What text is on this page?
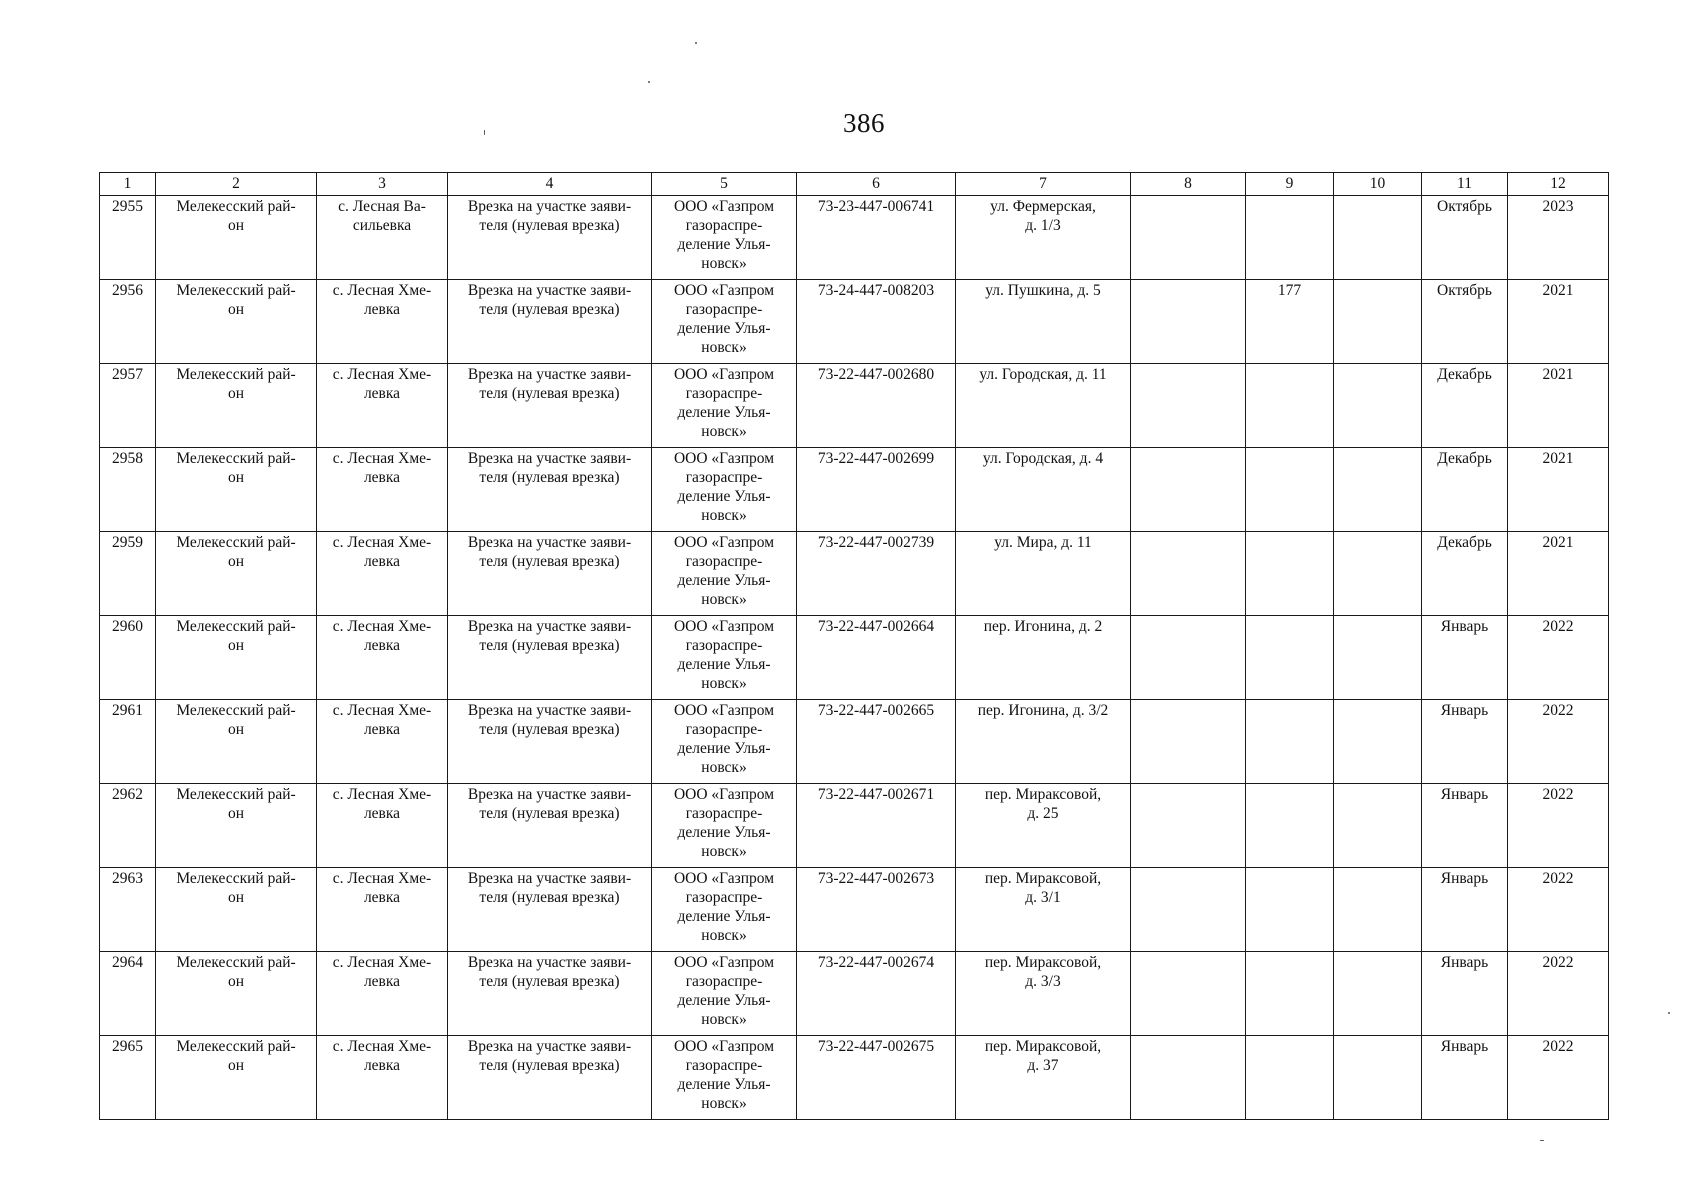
386
1	2	3	4	5	6	7	8	9	10	11	12
2955	Мелекесский рай-
он	с. Лесная Ва-
сильевка	Врезка на участке заяви-
теля (нулевая врезка)	ООО «Газпром
газораспре-
деление Улья-
новск»	73-23-447-006741	ул. Фермерская,
д. 1/3				Октябрь	2023
2956	Мелекесский рай-
он	с. Лесная Хме-
левка	Врезка на участке заяви-
теля (нулевая врезка)	ООО «Газпром
газораспре-
деление Улья-
новск»	73-24-447-008203	ул. Пушкина, д. 5		177		Октябрь	2021
2957	Мелекесский рай-
он	с. Лесная Хме-
левка	Врезка на участке заяви-
теля (нулевая врезка)	ООО «Газпром
газораспре-
деление Улья-
новск»	73-22-447-002680	ул. Городская, д. 11				Декабрь	2021
2958	Мелекесский рай-
он	с. Лесная Хме-
левка	Врезка на участке заяви-
теля (нулевая врезка)	ООО «Газпром
газораспре-
деление Улья-
новск»	73-22-447-002699	ул. Городская, д. 4				Декабрь	2021
2959	Мелекесский рай-
он	с. Лесная Хме-
левка	Врезка на участке заяви-
теля (нулевая врезка)	ООО «Газпром
газораспре-
деление Улья-
новск»	73-22-447-002739	ул. Мира, д. 11				Декабрь	2021
2960	Мелекесский рай-
он	с. Лесная Хме-
левка	Врезка на участке заяви-
теля (нулевая врезка)	ООО «Газпром
газораспре-
деление Улья-
новск»	73-22-447-002664	пер. Игонина, д. 2				Январь	2022
2961	Мелекесский рай-
он	с. Лесная Хме-
левка	Врезка на участке заяви-
теля (нулевая врезка)	ООО «Газпром
газораспре-
деление Улья-
новск»	73-22-447-002665	пер. Игонина, д. 3/2				Январь	2022
2962	Мелекесский рай-
он	с. Лесная Хме-
левка	Врезка на участке заяви-
теля (нулевая врезка)	ООО «Газпром
газораспре-
деление Улья-
новск»	73-22-447-002671	пер. Мираксовой,
д. 25				Январь	2022
2963	Мелекесский рай-
он	с. Лесная Хме-
левка	Врезка на участке заяви-
теля (нулевая врезка)	ООО «Газпром
газораспре-
деление Улья-
новск»	73-22-447-002673	пер. Мираксовой,
д. 3/1				Январь	2022
2964	Мелекесский рай-
он	с. Лесная Хме-
левка	Врезка на участке заяви-
теля (нулевая врезка)	ООО «Газпром
газораспре-
деление Улья-
новск»	73-22-447-002674	пер. Мираксовой,
д. 3/3				Январь	2022
2965	Мелекесский рай-
он	с. Лесная Хме-
левка	Врезка на участке заяви-
теля (нулевая врезка)	ООО «Газпром
газораспре-
деление Улья-
новск»	73-22-447-002675	пер. Мираксовой,
д. 37				Январь	2022
